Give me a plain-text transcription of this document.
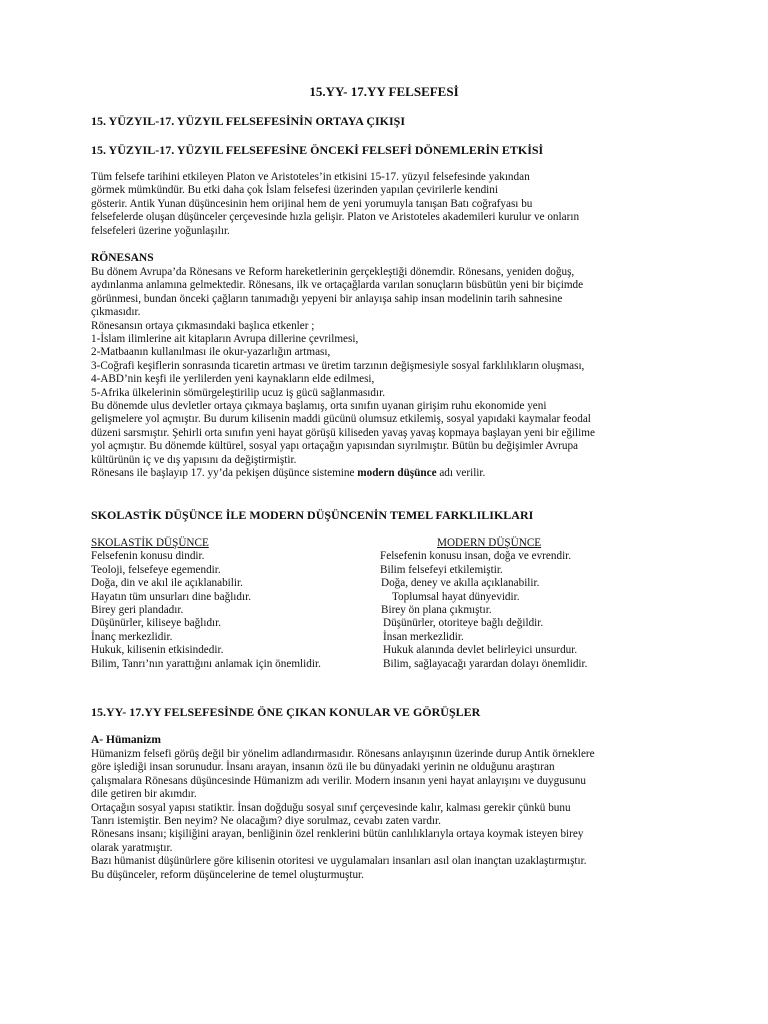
15.YY- 17.YY FELSEFESİ
15. YÜZYIL-17. YÜZYIL FELSEFESİNİN ORTAYA ÇIKIŞI
15. YÜZYIL-17. YÜZYIL FELSEFESİNE ÖNCEKİ FELSEFİ DÖNEMLERİN ETKİSİ
Tüm felsefe tarihini etkileyen Platon ve Aristoteles’in etkisini 15-17. yüzyıl felsefesinde yakından
görmek mümkündür. Bu etki daha çok İslam felsefesi üzerinden yapılan çevirilerle kendini
gösterir. Antik Yunan düşüncesinin hem orijinal hem de yeni yorumuyla tanışan Batı coğrafyası bu
felsefelerde oluşan düşünceler çerçevesinde hızla gelişir. Platon ve Aristoteles akademileri kurulur ve onların
felsefeleri üzerine yoğunlaşılır.
RÖNESANS
Bu dönem Avrupa’da Rönesans ve Reform hareketlerinin gerçekleştiği dönemdir. Rönesans, yeniden doğuş,
aydınlanma anlamına gelmektedir. Rönesans, ilk ve ortaçağlarda varılan sonuçların büsbütün yeni bir biçimde
görünmesi, bundan önceki çağların tanımadığı yepyeni bir anlayışa sahip insan modelinin tarih sahnesine
çıkmasıdır.
Rönesansın ortaya çıkmasındaki başlıca etkenler ;
1-İslam ilimlerine ait kitapların Avrupa dillerine çevrilmesi,
2-Matbaanın kullanılması ile okur-yazarlığın artması,
3-Coğrafi keşiflerin sonrasında ticaretin artması ve üretim tarzının değişmesiyle sosyal farklılıkların oluşması,
4-ABD’nin keşfi ile yerlilerden yeni kaynakların elde edilmesi,
5-Afrika ülkelerinin sömürgeleştirilip ucuz iş gücü sağlanmasıdır.
Bu dönemde ulus devletler ortaya çıkmaya başlamış, orta sınıfın uyanan girişim ruhu ekonomide yeni
gelişmelere yol açmıştır. Bu durum kilisenin maddi gücünü olumsuz etkilemiş, sosyal yapıdaki kaymalar feodal
düzeni sarsmıştır. Şehirli orta sınıfın yeni hayat görüşü kiliseden yavaş yavaş kopmaya başlayan yeni bir eğilime
yol açmıştır. Bu dönemde kültürel, sosyal yapı ortaçağın yapısından sıyrılmıştır. Bütün bu değişimler Avrupa
kültürünün iç ve dış yapısını da değiştirmiştir.
Rönesans ile başlayıp 17. yy’da pekişen düşünce sistemine modern düşünce adı verilir.
SKOLASTİK DÜŞÜNCE İLE MODERN DÜŞÜNCENİN TEMEL FARKLILIKLARI
SKOLASTİK DÜŞÜNCE
Felsefenin konusu dindir.
Teoloji, felsefeye egemendir.
Doğa, din ve akıl ile açıklanabilir.
Hayatın tüm unsurları dine bağlıdır.
Birey geri plandadır.
Düşünürler, kiliseye bağlıdır.
İnanç merkezlidir.
Hukuk, kilisenin etkisindedir.
Bilim, Tanrı’nın yarattığını anlamak için önemlidir.
MODERN DÜŞÜNCE
Felsefenin konusu insan, doğa ve evrendir.
Bilim felsefeyi etkilemiştir.
Doğa, deney ve akılla açıklanabilir.
Toplumsal hayat dünyevidir.
Birey ön plana çıkmıştır.
Düşünürler, otoriteye bağlı değildir.
İnsan merkezlidir.
Hukuk alanında devlet belirleyici unsurdur.
Bilim, sağlayacağı yarardan dolayı önemlidir.
15.YY- 17.YY FELSEFESİNDE ÖNE ÇIKAN KONULAR VE GÖRÜŞLER
A- Hümanizm
Hümanizm felsefi görüş değil bir yönelim adlandırmasıdır. Rönesans anlayışının üzerinde durup Antik örneklere
göre işlediği insan sorunudur. İnsanı arayan, insanın özü ile bu dünyadaki yerinin ne olduğunu araştıran
çalışmalara Rönesans düşüncesinde Hümanizm adı verilir. Modern insanın yeni hayat anlayışını ve duygusunu
dile getiren bir akımdır.
Ortaçağın sosyal yapısı statiktir. İnsan doğduğu sosyal sınıf çerçevesinde kalır, kalması gerekir çünkü bunu
Tanrı istemiştir. Ben neyim? Ne olacağım? diye sorulmaz, cevabı zaten vardır.
Rönesans insanı; kişiliğini arayan, benliğinin özel renklerini bütün canlılıklarıyla ortaya koymak isteyen birey
olarak yaratmıştır.
Bazı hümanist düşünürlere göre kilisenin otoritesi ve uygulamaları insanları asıl olan inançtan uzaklaştırmıştır.
Bu düşünceler, reform düşüncelerine de temel oluşturmuştur.
